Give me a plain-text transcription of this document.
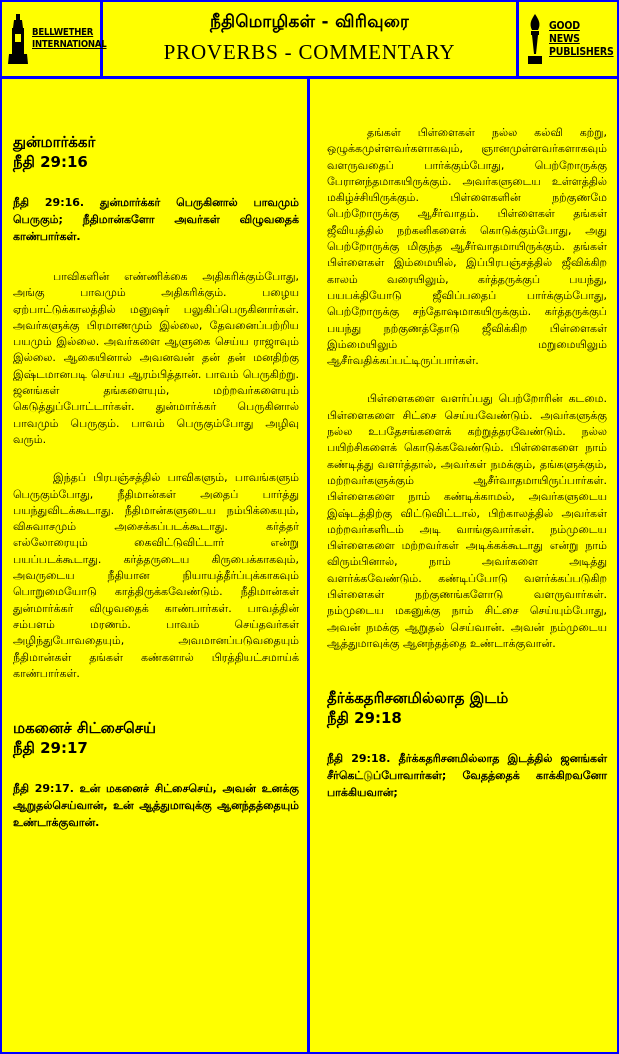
BELLWETHER INTERNATIONAL
நீதிமொழிகள் - விரிவுரை
PROVERBS - COMMENTARY
GOOD NEWS PUBLISHERS

துன்மார்க்கர்

நீதி 29:16

நீதி 29:16. துன்மார்க்கர் பெருகினால் பாவமும் பெருகும்; நீதிமான்களோ அவர்கள் விழுவதைக் காண்பார்கள்.

பாவிகளின் எண்ணிக்கை அதிகரிக்கும்போது, அங்கு பாவமும் அதிகரிக்கும். பழைய ஏற்பாட்டுக்காலத்தில் மனுஷர் பலுகிப்பெருகினார்கள். அவர்களுக்கு பிரமாணமும் இல்லை, தேவனைப்பற்றிய பயமும் இல்லை. அவர்களை ஆளுகை செய்ய ராஜாவும் இல்லை. ஆகையினால் அவனவன் தன் தன் மனதிற்கு இஷ்டமானபடி செய்ய ஆரம்பித்தான். பாவம் பெருகிற்று. ஜனங்கள் தங்களையும், மற்றவர்களையும் கெடுத்துப்போட்டார்கள். துன்மார்க்கர் பெருகினால் பாவமும் பெருகும். பாவம் பெருகும்போது அழிவு வரும்.

இந்தப் பிரபஞ்சத்தில் பாவிகளும், பாவங்களும் பெருகும்போது, நீதிமான்கள் அதைப் பார்த்து பயந்துவிடக்கூடாது. நீதிமான்களுடைய நம்பிக்கையும், விசுவாசமும் அசைக்கப்படக்கூடாது. கர்த்தர் எல்லோரையும் கைவிட்டுவிட்டார் என்று பயப்படக்கூடாது. கர்த்தருடைய கிருபைக்காகவும், அவருடைய நீதியான நியாயத்தீர்ப்புக்காகவும் பொறுமையோடு காத்திருக்கவேண்டும். நீதிமான்கள் துன்மார்க்கர் விழுவதைக் காண்பார்கள். பாவத்தின் சம்பளம் மரணம். பாவம் செய்தவர்கள் அழிந்துபோவதையும், அவமானப்படுவதையும் நீதிமான்கள் தங்கள் கண்களால் பிரத்தியட்சமாய்க் காண்பார்கள்.

மகனைச் சிட்சைசெய்

நீதி 29:17

நீதி 29:17. உன் மகனைச் சிட்சைசெய், அவன் உனக்கு ஆறுதல்செய்வான், உன் ஆத்துமாவுக்கு ஆனந்தத்தையும் உண்டாக்குவான்.

தங்கள் பிள்ளைகள் நல்ல கல்வி கற்று, ஒழுக்கமுள்ளவர்களாகவும், ஞானமுள்ளவர்களாகவும் வளருவதைப் பார்க்கும்போது, பெற்றோருக்கு பேரானந்தமாகயிருக்கும். அவர்களுடைய உள்ளத்தில் மகிழ்ச்சியிருக்கும். பிள்ளைகளின் நற்குணமே பெற்றோருக்கு ஆசீர்வாதம். பிள்ளைகள் தங்கள் ஜீவியத்தில் நற்கனிகளைக் கொடுக்கும்போது, அது பெற்றோருக்கு மிகுந்த ஆசீர்வாதமாயிருக்கும். தங்கள் பிள்ளைகள் இம்மையில், இப்பிரபஞ்சத்தில் ஜீவிக்கிற காலம் வரையிலும், கர்த்தருக்குப் பயந்து, பயபக்தியோடு ஜீவிப்பதைப் பார்க்கும்போது, பெற்றோருக்கு சந்தோஷமாகயிருக்கும். கர்த்தருக்குப் பயந்து நற்குணத்தோடு ஜீவிக்கிற பிள்ளைகள் இம்மையிலும் மறுமையிலும் ஆசீர்வதிக்கப்பட்டிருப்பார்கள்.

பிள்ளைகளை வளர்ப்பது பெற்றோரின் கடமை. பிள்ளைகளை சிட்சை செய்யவேண்டும். அவர்களுக்கு நல்ல உபதேசங்களைக் கற்றுத்தரவேண்டும். நல்ல பயிற்சிகளைக் கொடுக்கவேண்டும். பிள்ளைகளை நாம் கண்டித்து வளர்த்தால், அவர்கள் நமக்கும், தங்களுக்கும், மற்றவர்களுக்கும் ஆசீர்வாதமாயிருப்பார்கள். பிள்ளைகளை நாம் கண்டிக்காமல், அவர்களுடைய இஷ்டத்திற்கு விட்டுவிட்டால், பிற்காலத்தில் அவர்கள் மற்றவர்களிடம் அடி வாங்குவார்கள். நம்முடைய பிள்ளைகளை மற்றவர்கள் அடிக்கக்கூடாது என்று நாம் விரும்பினால், நாம் அவர்களை அடித்து வளர்க்கவேண்டும். கண்டிப்போடு வளர்க்கப்படுகிற பிள்ளைகள் நற்குணங்களோடு வளருவார்கள். நம்முடைய மகனுக்கு நாம் சிட்சை செய்யும்போது, அவன் நமக்கு ஆறுதல் செய்வான். அவன் நம்முடைய ஆத்துமாவுக்கு ஆனந்தத்தை உண்டாக்குவான்.

தீர்க்கதரிசனமில்லாத இடம்

நீதி 29:18

நீதி 29:18. தீர்க்கதரிசனமில்லாத இடத்தில் ஜனங்கள் சீர்கெட்டுப்போவார்கள்; வேதத்தைக் காக்கிறவனோ பாக்கியவான்;
